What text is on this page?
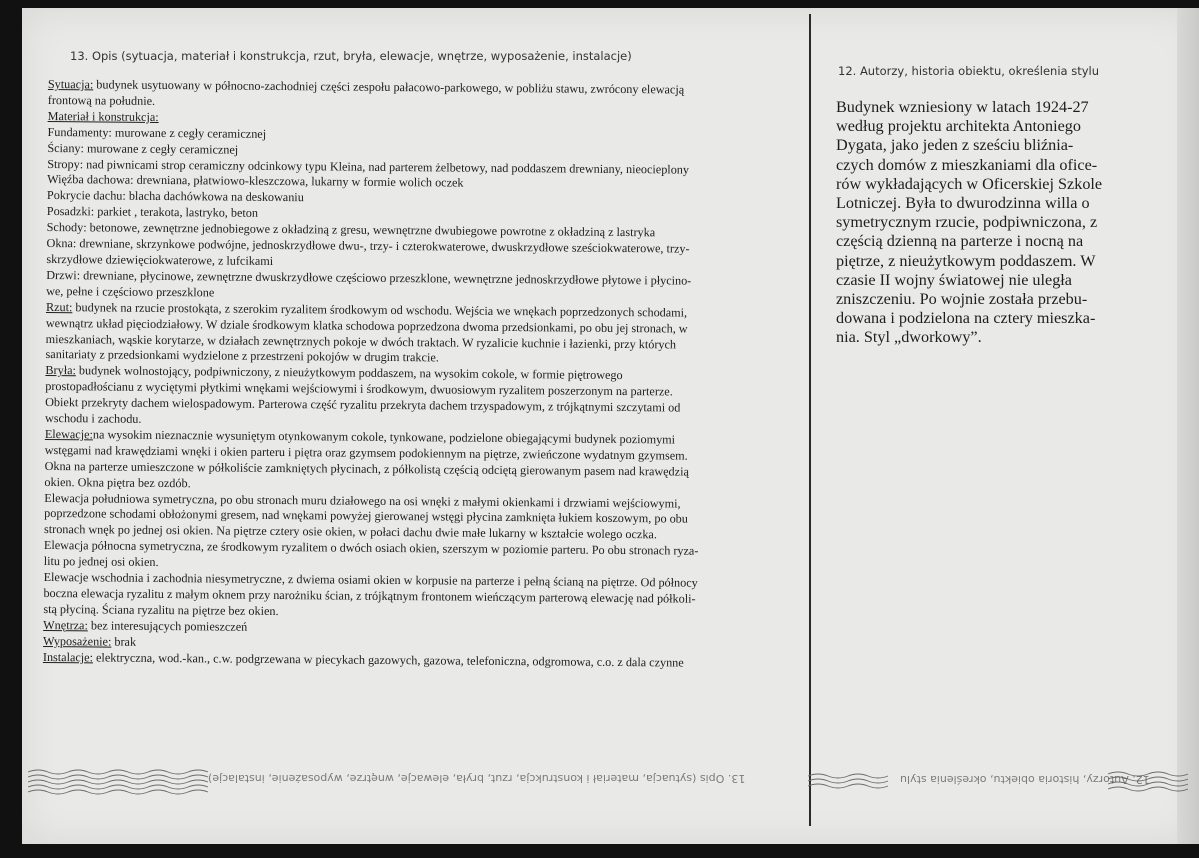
13. Opis (sytuacja, materiał i konstrukcja, rzut, bryła, elewacje, wnętrze, wyposażenie, instalacje)
12. Autorzy, historia obiektu, określenia stylu

Sytuacja: budynek usytuowany w północno-zachodniej części zespołu pałacowo-parkowego, w pobliżu stawu, zwrócony elewacją

frontową na południe.

Materiał i konstrukcja:

Fundamenty: murowane z cegły ceramicznej

Ściany: murowane z cegły ceramicznej

Stropy: nad piwnicami strop ceramiczny odcinkowy typu Kleina, nad parterem żelbetowy, nad poddaszem drewniany, nieocieplony

Więźba dachowa: drewniana, płatwiowo-kleszczowa, lukarny w formie wolich oczek

Pokrycie dachu: blacha dachówkowa na deskowaniu

Posadzki: parkiet , terakota, lastryko, beton

Schody: betonowe, zewnętrzne jednobiegowe z okładziną z gresu, wewnętrzne dwubiegowe powrotne z okładziną z lastryka

Okna: drewniane, skrzynkowe podwójne, jednoskrzydłowe dwu-, trzy- i czterokwaterowe, dwuskrzydłowe sześciokwaterowe, trzy-

skrzydłowe dziewięciokwaterowe, z lufcikami

Drzwi: drewniane, płycinowe, zewnętrzne dwuskrzydłowe częściowo przeszklone, wewnętrzne jednoskrzydłowe płytowe i płycino-

we, pełne i częściowo przeszklone

Rzut: budynek na rzucie prostokąta, z szerokim ryzalitem środkowym od wschodu. Wejścia we wnękach poprzedzonych schodami,

wewnątrz układ pięciodziałowy. W dziale środkowym klatka schodowa poprzedzona dwoma przedsionkami, po obu jej stronach, w

mieszkaniach, wąskie korytarze, w działach zewnętrznych pokoje w dwóch traktach. W ryzalicie kuchnie i łazienki, przy których

sanitariaty z przedsionkami wydzielone z przestrzeni pokojów w drugim trakcie.

Bryła: budynek wolnostojący, podpiwniczony, z nieużytkowym poddaszem, na wysokim cokole, w formie piętrowego

prostopadłościanu z wyciętymi płytkimi wnękami wejściowymi i środkowym, dwuosiowym ryzalitem poszerzonym na parterze.

Obiekt przekryty dachem wielospadowym. Parterowa część ryzalitu przekryta dachem trzyspadowym, z trójkątnymi szczytami od

wschodu i zachodu.

Elewacje:na wysokim nieznacznie wysuniętym otynkowanym cokole, tynkowane, podzielone obiegającymi budynek poziomymi

wstęgami nad krawędziami wnęki i okien parteru i piętra oraz gzymsem podokiennym na piętrze, zwieńczone wydatnym gzymsem.

Okna na parterze umieszczone w półkoliście zamkniętych płycinach, z półkolistą częścią odciętą gierowanym pasem nad krawędzią

okien. Okna piętra bez ozdób.

Elewacja południowa symetryczna, po obu stronach muru działowego na osi wnęki z małymi okienkami i drzwiami wejściowymi,

poprzedzone schodami obłożonymi gresem, nad wnękami powyżej gierowanej wstęgi płycina zamknięta łukiem koszowym, po obu

stronach wnęk po jednej osi okien. Na piętrze cztery osie okien, w połaci dachu dwie małe lukarny w kształcie wolego oczka.

Elewacja północna symetryczna, ze środkowym ryzalitem o dwóch osiach okien, szerszym w poziomie parteru. Po obu stronach ryza-

litu po jednej osi okien.

Elewacje wschodnia i zachodnia niesymetryczne, z dwiema osiami okien w korpusie na parterze i pełną ścianą na piętrze. Od północy

boczna elewacja ryzalitu z małym oknem przy narożniku ścian, z trójkątnym frontonem wieńczącym parterową elewację nad półkoli-

stą płyciną. Ściana ryzalitu na piętrze bez okien.

Wnętrza: bez interesujących pomieszczeń

Wyposażenie: brak

Instalacje: elektryczna, wod.-kan., c.w. podgrzewana w piecykach gazowych, gazowa, telefoniczna, odgromowa, c.o. z dala czynne

Budynek wzniesiony w latach 1924-27

według projektu architekta Antoniego

Dygata, jako jeden z sześciu bliźnia-

czych domów z mieszkaniami dla ofice-

rów wykładających w Oficerskiej Szkole

Lotniczej. Była to dwurodzinna willa o

symetrycznym rzucie, podpiwniczona, z

częścią dzienną na parterze i nocną na

piętrze, z nieużytkowym poddaszem. W

czasie II wojny światowej nie uległa

zniszczeniu. Po wojnie została przebu-

dowana i podzielona na cztery mieszka-

nia. Styl „dworkowy”.

13. Opis (sytuacja, materiał i konstrukcja, rzut, bryła, elewacje, wnętrze, wyposażenie, instalacje)	12. Autorzy, historia obiektu, określenia stylu
